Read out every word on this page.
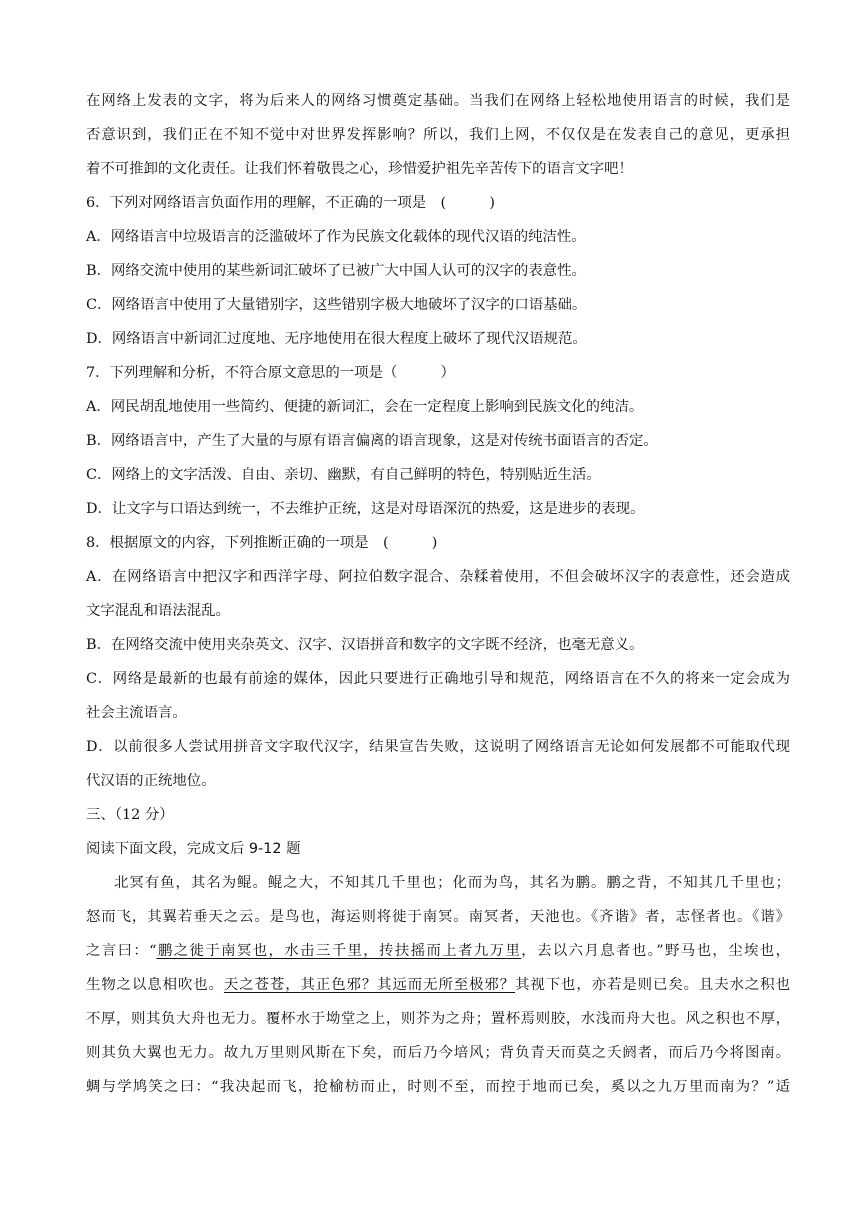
在网络上发表的文字，将为后来人的网络习惯奠定基础。当我们在网络上轻松地使用语言的时候，我们是
否意识到，我们正在不知不觉中对世界发挥影响？所以，我们上网，不仅仅是在发表自己的意见，更承担
着不可推卸的文化责任。让我们怀着敬畏之心，珍惜爱护祖先辛苦传下的语言文字吧！
6．下列对网络语言负面作用的理解，不正确的一项是　(　　　)
A．网络语言中垃圾语言的泛滥破坏了作为民族文化载体的现代汉语的纯洁性。
B．网络交流中使用的某些新词汇破坏了已被广大中国人认可的汉字的表意性。
C．网络语言中使用了大量错别字，这些错别字极大地破坏了汉字的口语基础。
D．网络语言中新词汇过度地、无序地使用在很大程度上破坏了现代汉语规范。
7．下列理解和分析，不符合原文意思的一项是（　　　）
A．网民胡乱地使用一些简约、便捷的新词汇，会在一定程度上影响到民族文化的纯洁。
B．网络语言中，产生了大量的与原有语言偏离的语言现象，这是对传统书面语言的否定。
C．网络上的文字活泼、自由、亲切、幽默，有自己鲜明的特色，特别贴近生活。
D．让文字与口语达到统一，不去维护正统，这是对母语深沉的热爱，这是进步的表现。
8．根据原文的内容，下列推断正确的一项是　(　　　)
A．在网络语言中把汉字和西洋字母、阿拉伯数字混合、杂糅着使用，不但会破坏汉字的表意性，还会造成
文字混乱和语法混乱。
B．在网络交流中使用夹杂英文、汉字、汉语拼音和数字的文字既不经济，也毫无意义。
C．网络是最新的也最有前途的媒体，因此只要进行正确地引导和规范，网络语言在不久的将来一定会成为
社会主流语言。
D．以前很多人尝试用拼音文字取代汉字，结果宣告失败，这说明了网络语言无论如何发展都不可能取代现
代汉语的正统地位。
三、（12 分）
阅读下面文段，完成文后 9-12 题
北冥有鱼，其名为鲲。鲲之大，不知其几千里也；化而为鸟，其名为鹏。鹏之背，不知其几千里也；
怒而飞，其翼若垂天之云。是鸟也，海运则将徙于南冥。南冥者，天池也。《齐谐》者，志怪者也。《谐》
之言曰：“鹏之徙于南冥也，水击三千里，抟扶摇而上者九万里，去以六月息者也。”野马也，尘埃也，
生物之以息相吹也。天之苍苍，其正色邪？其远而无所至极邪？其视下也，亦若是则已矣。且夫水之积也
不厚，则其负大舟也无力。覆杯水于坳堂之上，则芥为之舟；置杯焉则胶，水浅而舟大也。风之积也不厚，
则其负大翼也无力。故九万里则风斯在下矣，而后乃今培风；背负青天而莫之夭阏者，而后乃今将图南。
蜩与学鸠笑之曰：“我决起而飞，抢榆枋而止，时则不至，而控于地而已矣，奚以之九万里而南为？”适
